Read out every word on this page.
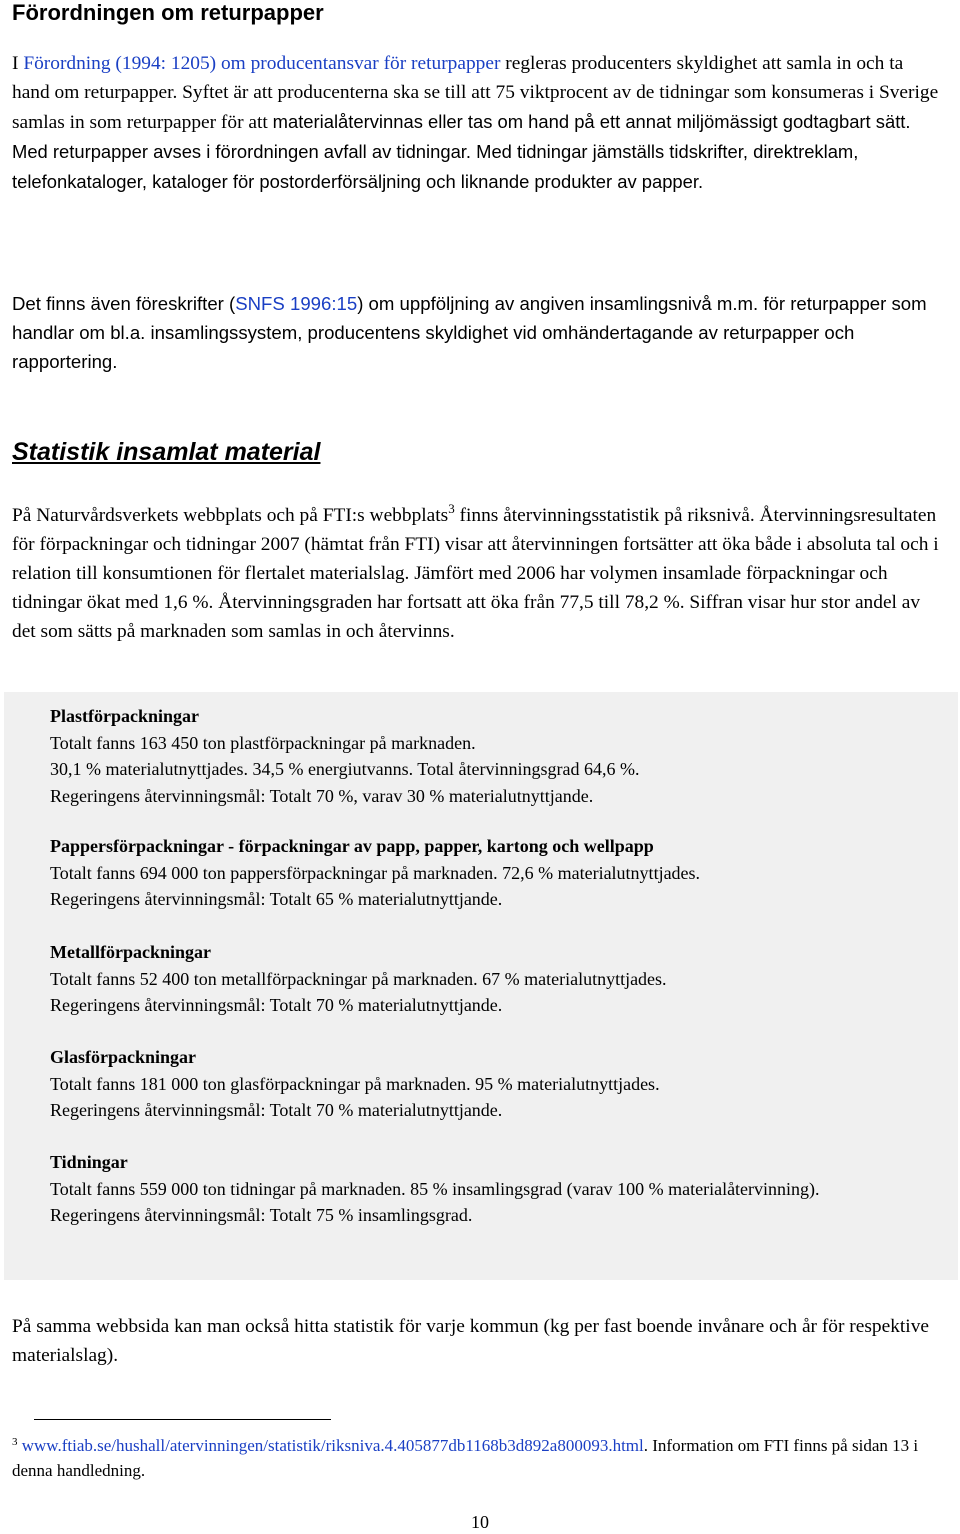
Förordningen om returpapper
I Förordning (1994: 1205) om producentansvar för returpapper regleras producenters skyldighet att samla in och ta hand om returpapper. Syftet är att producenterna ska se till att 75 viktprocent av de tidningar som konsumeras i Sverige samlas in som returpapper för att materialåtervinnas eller tas om hand på ett annat miljömässigt godtagbart sätt. Med returpapper avses i förordningen avfall av tidningar. Med tidningar jämställs tidskrifter, direktreklam, telefonkataloger, kataloger för postorderförsäljning och liknande produkter av papper.
Det finns även föreskrifter (SNFS 1996:15) om uppföljning av angiven insamlingsnivå m.m. för returpapper som handlar om bl.a. insamlingssystem, producentens skyldighet vid omhändertagande av returpapper och rapportering.
Statistik insamlat material
På Naturvårdsverkets webbplats och på FTI:s webbplats$^3$ finns återvinningsstatistik på riksnivå. Återvinningsresultaten för förpackningar och tidningar 2007 (hämtat från FTI) visar att återvinningen fortsätter att öka både i absoluta tal och i relation till konsumtionen för flertalet materialslag. Jämfört med 2006 har volymen insamlade förpackningar och tidningar ökat med 1,6 %. Återvinningsgraden har fortsatt att öka från 77,5 till 78,2 %. Siffran visar hur stor andel av det som sätts på marknaden som samlas in och återvinns.
Plastförpackningar
Totalt fanns 163 450 ton plastförpackningar på marknaden.
30,1 % materialutnyttjades. 34,5 % energiutvanns. Total återvinningsgrad 64,6 %.
Regeringens återvinningsmål: Totalt 70 %, varav 30 % materialutnyttjande.
Pappersförpackningar - förpackningar av papp, papper, kartong och wellpapp
Totalt fanns 694 000 ton pappersförpackningar på marknaden. 72,6 % materialutnyttjades.
Regeringens återvinningsmål: Totalt 65 % materialutnyttjande.
Metallförpackningar
Totalt fanns 52 400 ton metallförpackningar på marknaden. 67 % materialutnyttjades.
Regeringens återvinningsmål: Totalt 70 % materialutnyttjande.
Glasförpackningar
Totalt fanns 181 000 ton glasförpackningar på marknaden. 95 % materialutnyttjades.
Regeringens återvinningsmål: Totalt 70 % materialutnyttjande.
Tidningar
Totalt fanns 559 000 ton tidningar på marknaden. 85 % insamlingsgrad (varav 100 % materialåtervinning).
Regeringens återvinningsmål: Totalt 75 % insamlingsgrad.
På samma webbsida kan man också hitta statistik för varje kommun (kg per fast boende invånare och år för respektive materialslag).
$^3$ www.ftiab.se/hushall/atervinningen/statistik/riksniva.4.405877db1168b3d892a800093.html. Information om FTI finns på sidan 13 i denna handledning.
10
